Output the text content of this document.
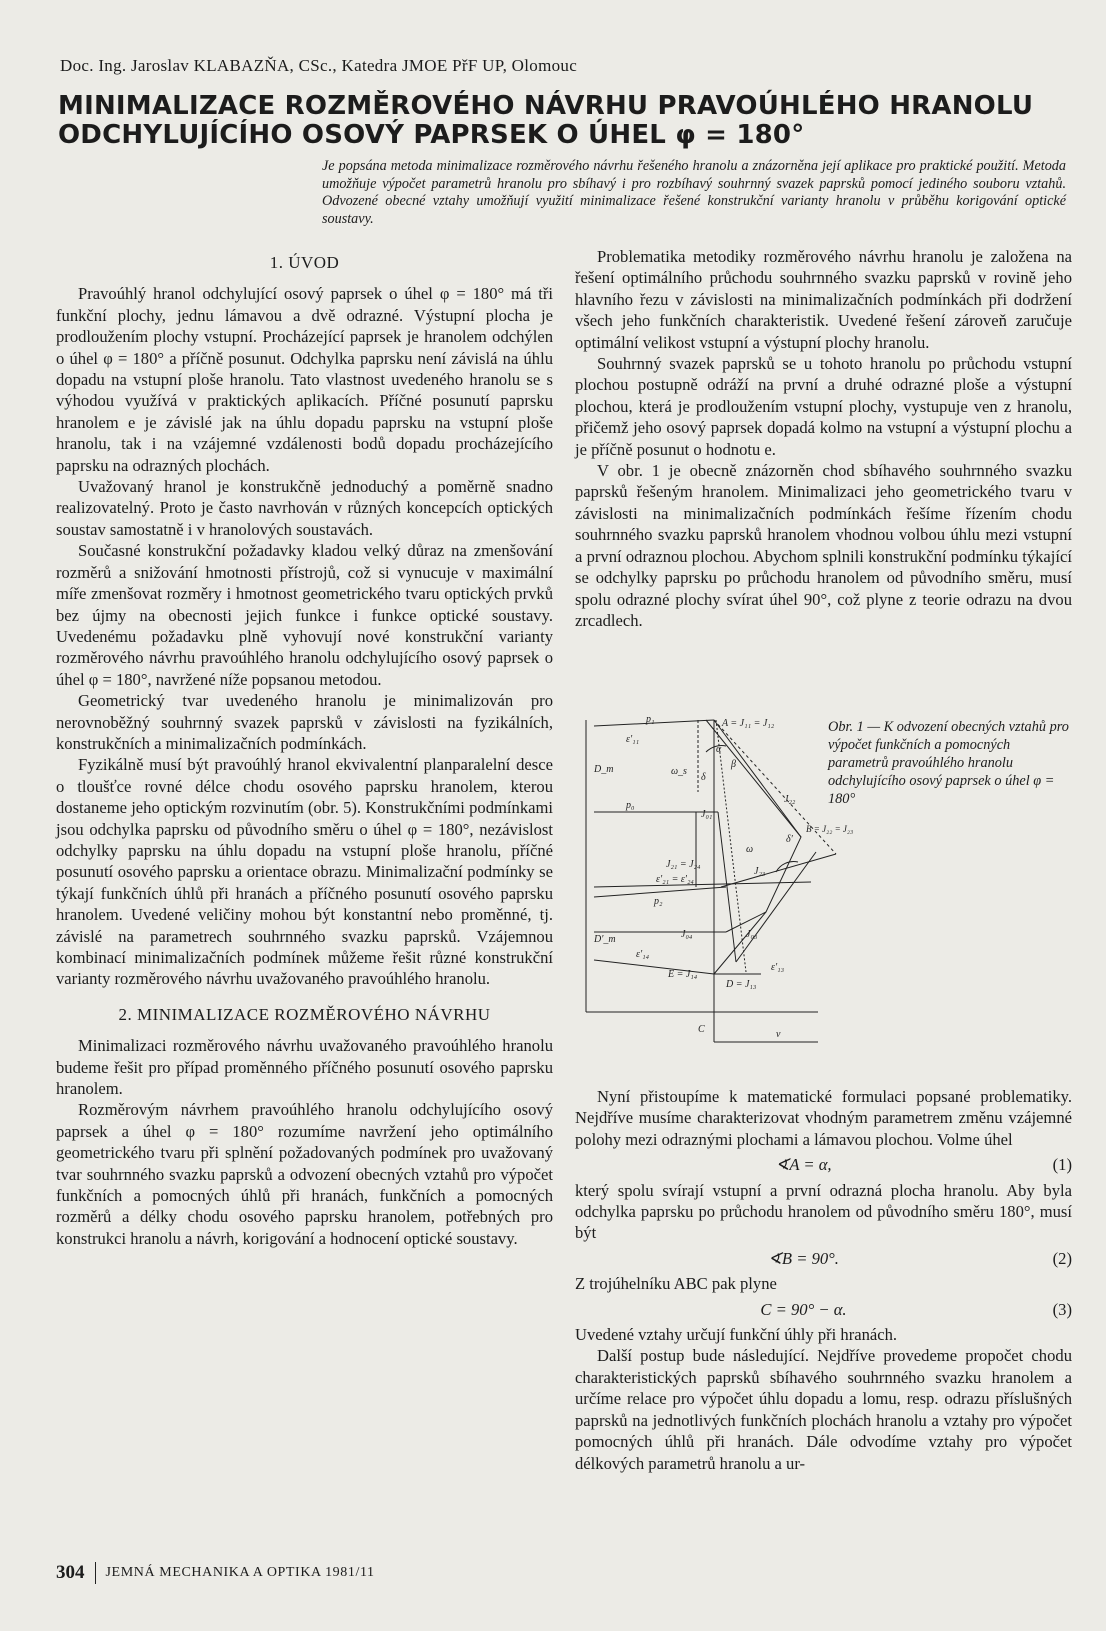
Doc. Ing. Jaroslav KLABAZŇA, CSc., Katedra JMOE PřF UP, Olomouc
MINIMALIZACE ROZMĚROVÉHO NÁVRHU PRAVOÚHLÉHO HRANOLU
ODCHYLUJÍCÍHO OSOVÝ PAPRSEK O ÚHEL φ = 180°
Je popsána metoda minimalizace rozměrového návrhu řešeného hranolu a znázorněna její aplikace pro praktické použití. Metoda umožňuje výpočet parametrů hranolu pro sbíhavý i pro rozbíhavý souhrnný svazek paprsků pomocí jediného souboru vztahů. Odvozené obecné vztahy umožňují využití minimalizace řešené konstrukční varianty hranolu v průběhu korigování optické soustavy.
1. ÚVOD

Pravoúhlý hranol odchylující osový paprsek o úhel φ = 180° má tři funkční plochy, jednu lámavou a dvě odrazné. Výstupní plocha je prodloužením plochy vstupní. Procházející paprsek je hranolem odchýlen o úhel φ = 180° a příčně posunut. Odchylka paprsku není závislá na úhlu dopadu na vstupní ploše hranolu. Tato vlastnost uvedeného hranolu se s výhodou využívá v praktických aplikacích. Příčné posunutí paprsku hranolem e je závislé jak na úhlu dopadu paprsku na vstupní ploše hranolu, tak i na vzájemné vzdálenosti bodů dopadu procházejícího paprsku na odrazných plochách.

Uvažovaný hranol je konstrukčně jednoduchý a poměrně snadno realizovatelný. Proto je často navrhován v různých koncepcích optických soustav samostatně i v hranolových soustavách.

Současné konstrukční požadavky kladou velký důraz na zmenšování rozměrů a snižování hmotnosti přístrojů, což si vynucuje v maximální míře zmenšovat rozměry i hmotnost geometrického tvaru optických prvků bez újmy na obecnosti jejich funkce i funkce optické soustavy. Uvedenému požadavku plně vyhovují nové konstrukční varianty rozměrového návrhu pravoúhlého hranolu odchylujícího osový paprsek o úhel φ = 180°, navržené níže popsanou metodou.

Geometrický tvar uvedeného hranolu je minimalizován pro nerovnoběžný souhrnný svazek paprsků v závislosti na fyzikálních, konstrukčních a minimalizačních podmínkách.

Fyzikálně musí být pravoúhlý hranol ekvivalentní planparalelní desce o tloušťce rovné délce chodu osového paprsku hranolem, kterou dostaneme jeho optickým rozvinutím (obr. 5). Konstrukčními podmínkami jsou odchylka paprsku od původního směru o úhel φ = 180°, nezávislost odchylky paprsku na úhlu dopadu na vstupní ploše hranolu, příčné posunutí osového paprsku a orientace obrazu. Minimalizační podmínky se týkají funkčních úhlů při hranách a příčného posunutí osového paprsku hranolem. Uvedené veličiny mohou být konstantní nebo proměnné, tj. závislé na parametrech souhrnného svazku paprsků. Vzájemnou kombinací minimalizačních podmínek můžeme řešit různé konstrukční varianty rozměrového návrhu uvažovaného pravoúhlého hranolu.

2. MINIMALIZACE ROZMĚROVÉHO NÁVRHU

Minimalizaci rozměrového návrhu uvažovaného pravoúhlého hranolu budeme řešit pro případ proměnného příčného posunutí osového paprsku hranolem.

Rozměrovým návrhem pravoúhlého hranolu odchylujícího osový paprsek a úhel φ = 180° rozumíme navržení jeho optimálního geometrického tvaru při splnění požadovaných podmínek pro uvažovaný tvar souhrnného svazku paprsků a odvození obecných vztahů pro výpočet funkčních a pomocných úhlů při hranách, funkčních a pomocných rozměrů a délky chodu osového paprsku hranolem, potřebných pro konstrukci hranolu a návrh, korigování a hodnocení optické soustavy.

Problematika metodiky rozměrového návrhu hranolu je založena na řešení optimálního průchodu souhrnného svazku paprsků v rovině jeho hlavního řezu v závislosti na minimalizačních podmínkách při dodržení všech jeho funkčních charakteristik. Uvedené řešení zároveň zaručuje optimální velikost vstupní a výstupní plochy hranolu.

Souhrnný svazek paprsků se u tohoto hranolu po průchodu vstupní plochou postupně odráží na první a druhé odrazné ploše a výstupní plochou, která je prodloužením vstupní plochy, vystupuje ven z hranolu, přičemž jeho osový paprsek dopadá kolmo na vstupní a výstupní plochu a je příčně posunut o hodnotu e.

V obr. 1 je obecně znázorněn chod sbíhavého souhrnného svazku paprsků řešeným hranolem. Minimalizaci jeho geometrického tvaru v závislosti na minimalizačních podmínkách řešíme řízením chodu souhrnného svazku paprsků hranolem vhodnou volbou úhlu mezi vstupní a první odraznou plochou. Abychom splnili konstrukční podmínku týkající se odchylky paprsku po průchodu hranolem od původního směru, musí spolu odrazné plochy svírat úhel 90°, což plyne z teorie odrazu na dvou zrcadlech.

p₁	A = J₁₁ = J₁₂
ε′₁₁
α
β
ω_s
δ
J₂₂
p₀
J₀₁
D_m
δ′
ω
B = J₂₂ = J₂₃
J₂₁ = J₂₄
ε′₂₁ = ε′₂₄
J₂₃
p₂
J₀₄	J₀₃
D′_m
ε′₁₄
ε′₁₃
E = J₁₄
D = J₁₃
C	v
Obr. 1 — K odvození obecných vztahů pro výpočet funkčních a pomocných parametrů pravoúhlého hranolu odchylujícího osový paprsek o úhel φ = 180°

Nyní přistoupíme k matematické formulaci popsané problematiky. Nejdříve musíme charakterizovat vhodným parametrem změnu vzájemné polohy mezi odraznými plochami a lámavou plochou. Volme úhel

∢A = α,	(1)

který spolu svírají vstupní a první odrazná plocha hranolu. Aby byla odchylka paprsku po průchodu hranolem od původního směru 180°, musí být

∢B = 90°.	(2)

Z trojúhelníku ABC pak plyne

C = 90° − α.	(3)

Uvedené vztahy určují funkční úhly při hranách.

Další postup bude následující. Nejdříve provedeme propočet chodu charakteristických paprsků sbíhavého souhrnného svazku hranolem a určíme relace pro výpočet úhlu dopadu a lomu, resp. odrazu příslušných paprsků na jednotlivých funkčních plochách hranolu a vztahy pro výpočet pomocných úhlů při hranách. Dále odvodíme vztahy pro výpočet délkových parametrů hranolu a ur-

304 JEMNÁ MECHANIKA A OPTIKA 1981/11
